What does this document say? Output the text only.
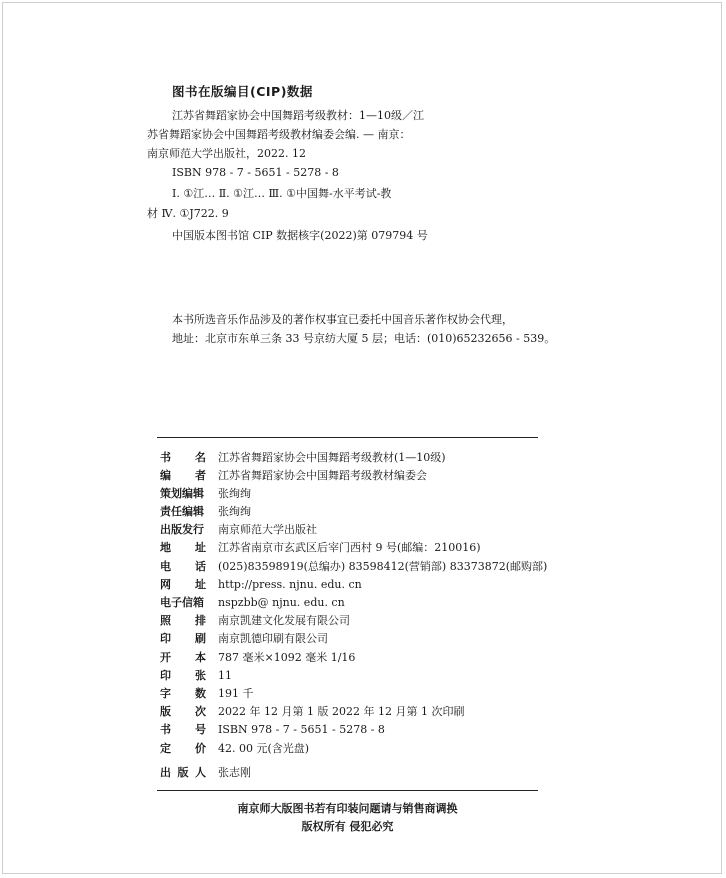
图书在版编目(CIP)数据
江苏省舞蹈家协会中国舞蹈考级教材：1—10级／江
苏省舞蹈家协会中国舞蹈考级教材编委会编. — 南京：
南京师范大学出版社，2022. 12
ISBN 978 - 7 - 5651 - 5278 - 8
Ⅰ. ①江… Ⅱ. ①江… Ⅲ. ①中国舞-水平考试-教
材 Ⅳ. ①J722. 9
中国版本图书馆 CIP 数据核字(2022)第 079794 号
本书所选音乐作品涉及的著作权事宜已委托中国音乐著作权协会代理，
地址：北京市东单三条 33 号京纺大厦 5 层；电话：(010)65232656 - 539。
书 名 江苏省舞蹈家协会中国舞蹈考级教材(1—10级)
编 者 江苏省舞蹈家协会中国舞蹈考级教材编委会
策划编辑 张绚绚
责任编辑 张绚绚
出版发行 南京师范大学出版社
地 址 江苏省南京市玄武区后宰门西村 9 号(邮编：210016)
电 话 (025)83598919(总编办) 83598412(营销部) 83373872(邮购部)
网 址 http://press. njnu. edu. cn
电子信箱 nspzbb@ njnu. edu. cn
照 排 南京凯建文化发展有限公司
印 刷 南京凯德印刷有限公司
开 本 787 毫米×1092 毫米 1/16
印 张 11
字 数 191 千
版 次 2022 年 12 月第 1 版 2022 年 12 月第 1 次印刷
书 号 ISBN 978 - 7 - 5651 - 5278 - 8
定 价 42. 00 元(含光盘)
出 版 人 张志刚
南京师大版图书若有印装问题请与销售商调换
版权所有 侵犯必究
